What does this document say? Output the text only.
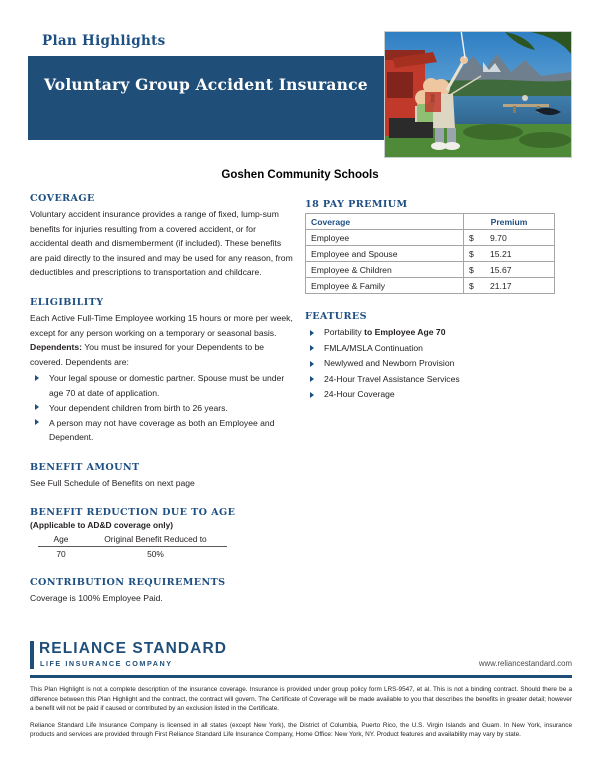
Plan Highlights
Voluntary Group Accident Insurance
Goshen Community Schools
COVERAGE

Voluntary accident insurance provides a range of fixed, lump-sum benefits for injuries resulting from a covered accident, or for accidental death and dismemberment (if included). These benefits are paid directly to the insured and may be used for any reason, from deductibles and prescriptions to transportation and childcare.

ELIGIBILITY

Each Active Full-Time Employee working 15 hours or more per week, except for any person working on a temporary or seasonal basis.

Dependents: You must be insured for your Dependents to be covered. Dependents are:

Your legal spouse or domestic partner. Spouse must be under age 70 at date of application.
Your dependent children from birth to 26 years.
A person may not have coverage as both an Employee and Dependent.
BENEFIT AMOUNT

See Full Schedule of Benefits on next page

BENEFIT REDUCTION DUE TO AGE
(Applicable to AD&D coverage only)
Age	Original Benefit Reduced to
70	50%
CONTRIBUTION REQUIREMENTS

Coverage is 100% Employee Paid.

18 PAY PREMIUM
Coverage	Premium	
Employee	$	9.70
Employee and Spouse	$	15.21
Employee & Children	$	15.67
Employee & Family	$	21.17
FEATURES
Portability to Employee Age 70
FMLA/MSLA Continuation
Newlywed and Newborn Provision
24-Hour Travel Assistance Services
24-Hour Coverage
RELIANCE STANDARD
LIFE INSURANCE COMPANY	www.reliancestandard.com

This Plan Highlight is not a complete description of the insurance coverage. Insurance is provided under group policy form LRS-9547, et al. This is not a binding contract. Should there be a difference between this Plan Highlight and the contract, the contract will govern. The Certificate of Coverage will be made available to you that describes the benefits in greater detail; however a benefit will not be paid if caused or contributed by an exclusion listed in the Certificate.

Reliance Standard Life Insurance Company is licensed in all states (except New York), the District of Columbia, Puerto Rico, the U.S. Virgin Islands and Guam. In New York, insurance products and services are provided through First Reliance Standard Life Insurance Company, Home Office: New York, NY. Product features and availability may vary by state.
